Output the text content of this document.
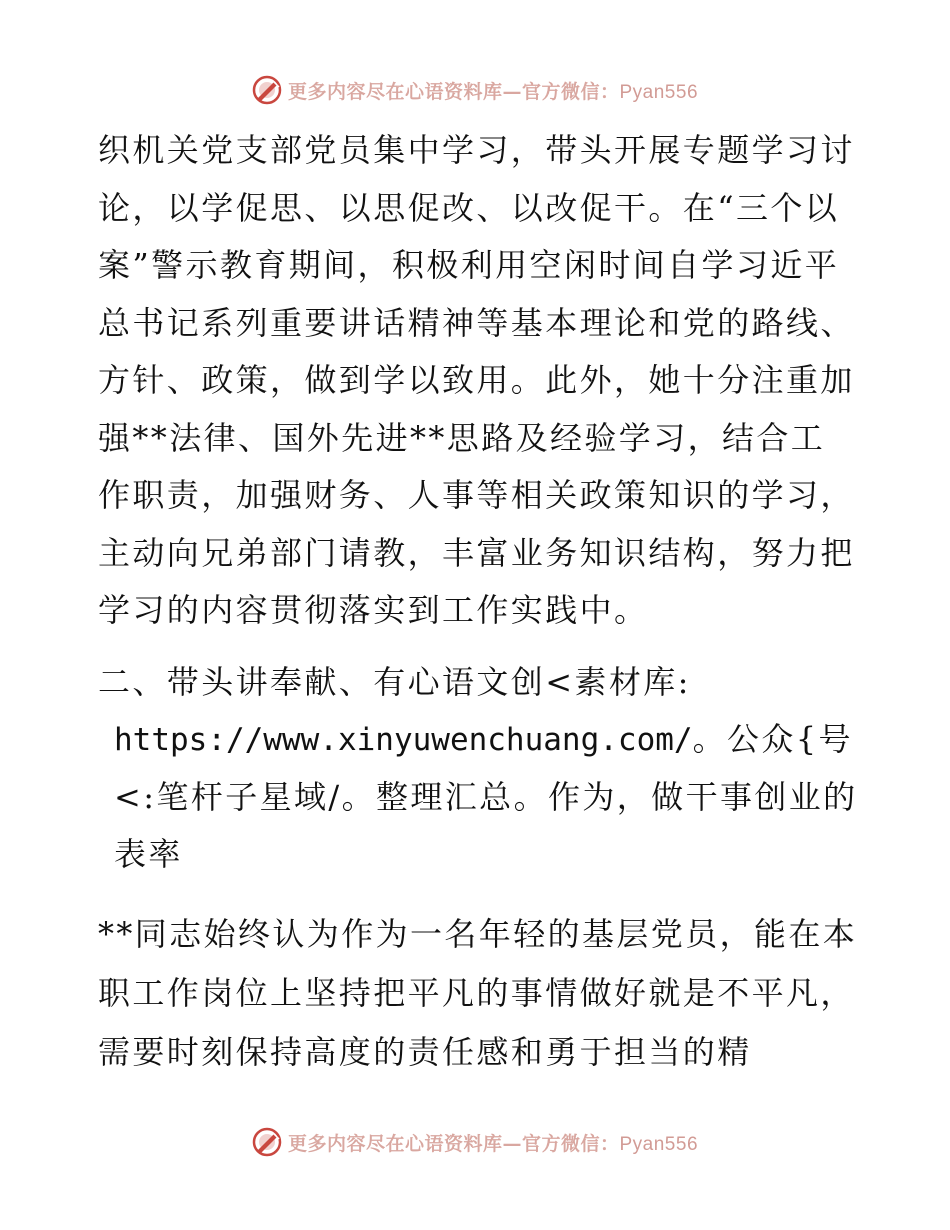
更多内容尽在心语资料库—官方微信：Pyan556

织机关党支部党员集中学习，带头开展专题学习讨论，以学促思、以思促改、以改促干。在“三个以案”警示教育期间，积极利用空闲时间自学习近平总书记系列重要讲话精神等基本理论和党的路线、方针、政策，做到学以致用。此外，她十分注重加强**法律、国外先进**思路及经验学习，结合工作职责，加强财务、人事等相关政策知识的学习，主动向兄弟部门请教，丰富业务知识结构，努力把学习的内容贯彻落实到工作实践中。

二、带头讲奉献、有心语文创<素材库:
https://www.xinyuwenchuang.com/。公众{号<:笔杆子星域/。整理汇总。作为，做干事创业的表率

**同志始终认为作为一名年轻的基层党员，能在本职工作岗位上坚持把平凡的事情做好就是不平凡，需要时刻保持高度的责任感和勇于担当的精

更多内容尽在心语资料库—官方微信：Pyan556
